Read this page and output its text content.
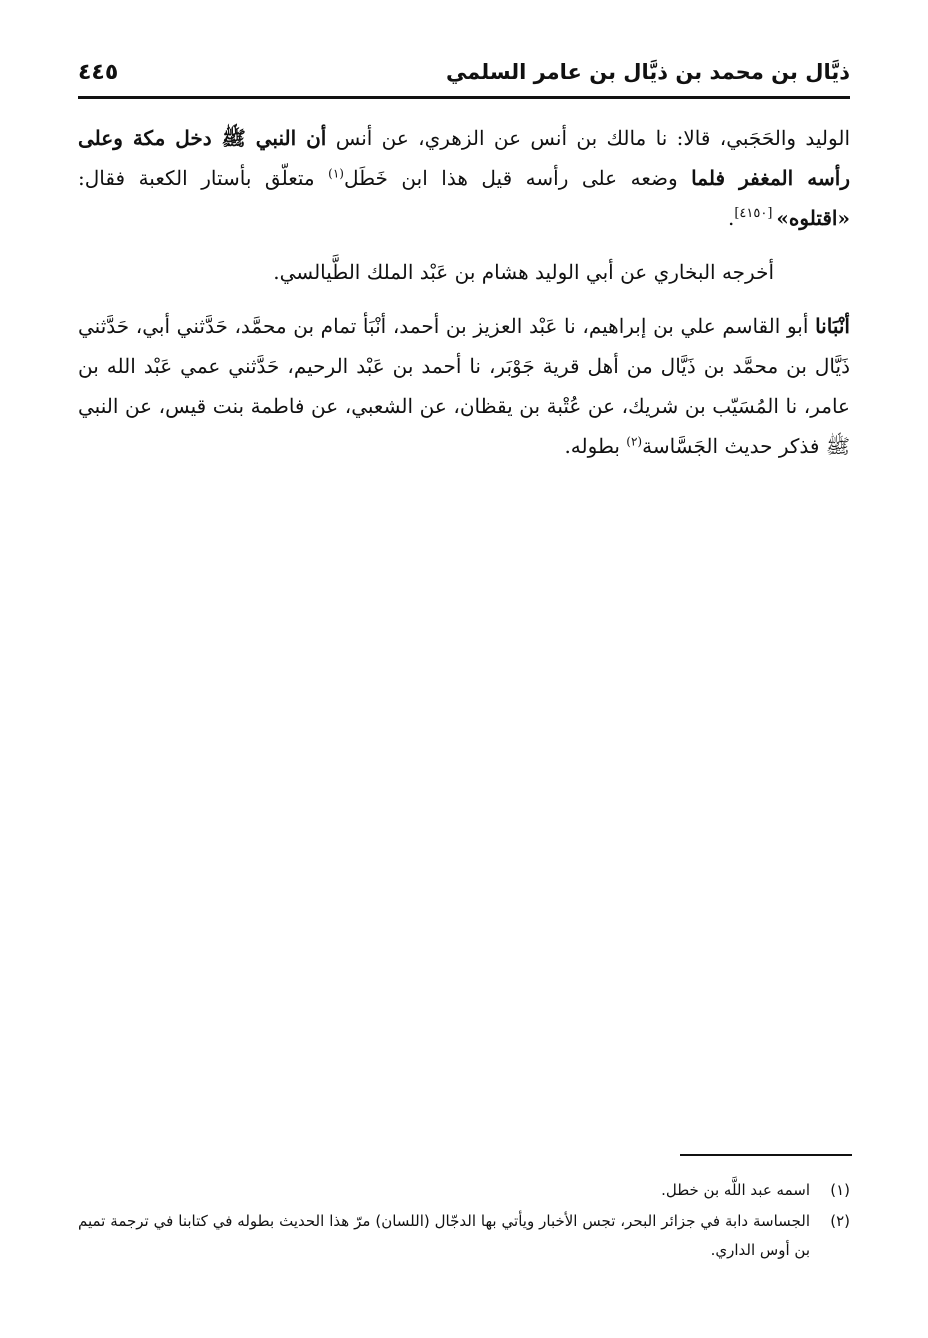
ذيَّال بن محمد بن ذيَّال بن عامر السلمي
٤٤٥

الوليد والحَجَبي، قالا: نا مالك بن أنس عن الزهري، عن أنس أن النبي ﷺ دخل مكة وعلى رأسه المغفر فلما وضعه على رأسه قيل هذا ابن خَطَل$^{(١)}$ متعلّق بأستار الكعبة فقال: «اقتلوه»[٤١٥٠].

أخرجه البخاري عن أبي الوليد هشام بن عَبْد الملك الطَّيالسي.

أنْبَانا أبو القاسم علي بن إبراهيم، نا عَبْد العزيز بن أحمد، أنْبَأ تمام بن محمَّد، حَدَّثني أبي، حَدَّثني ذَيَّال بن محمَّد بن ذَيَّال من أهل قرية جَوْبَر، نا أحمد بن عَبْد الرحيم، حَدَّثني عمي عَبْد الله بن عامر، نا المُسَيّب بن شريك، عن عُتْبة بن يقظان، عن الشعبي، عن فاطمة بنت قيس، عن النبي ﷺ فذكر حديث الجَسَّاسة$^{(٢)}$ بطوله.

(١)
اسمه عبد اللَّه بن خطل.
(٢)
الجساسة دابة في جزائر البحر، تجس الأخبار ويأتي بها الدجّال (اللسان) مرّ هذا الحديث بطوله في كتابنا في ترجمة تميم بن أوس الداري.
